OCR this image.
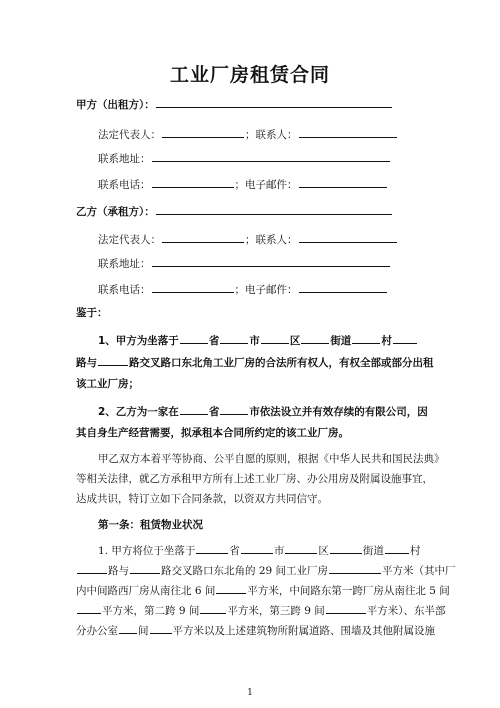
工业厂房租赁合同
甲方（出租方）：
法定代表人：	；联系人：
联系地址：
联系电话：	；电子邮件：
乙方（承租方）：
法定代表人：	；联系人：
联系地址：
联系电话：	；电子邮件：
鉴于：
1、甲方为坐落于	省	市	区	街道	村
路与	路交叉路口东北角工业厂房的合法所有权人，有权全部或部分出租
该工业厂房；
2、乙方为一家在	省	市依法设立并有效存续的有限公司，因
其自身生产经营需要，拟承租本合同所约定的该工业厂房。
甲乙双方本着平等协商、公平自愿的原则，根据《中华人民共和国民法典》
等相关法律，就乙方承租甲方所有上述工业厂房、办公用房及附属设施事宜，
达成共识，特订立如下合同条款，以资双方共同信守。
第一条：租赁物业状况
1. 甲方将位于坐落于	省	市	区	街道 村
路与	路交叉路口东北角的 29 间工业厂房	平方米（其中厂
内中间路西厂房从南往北 6 间	平方米，中间路东第一跨厂房从南往北 5 间
平方米，第二跨 9 间	平方米，第三跨 9 间	平方米）、东半部
分办公室 间 平方米以及上述建筑物所附属道路、围墙及其他附属设施
1
